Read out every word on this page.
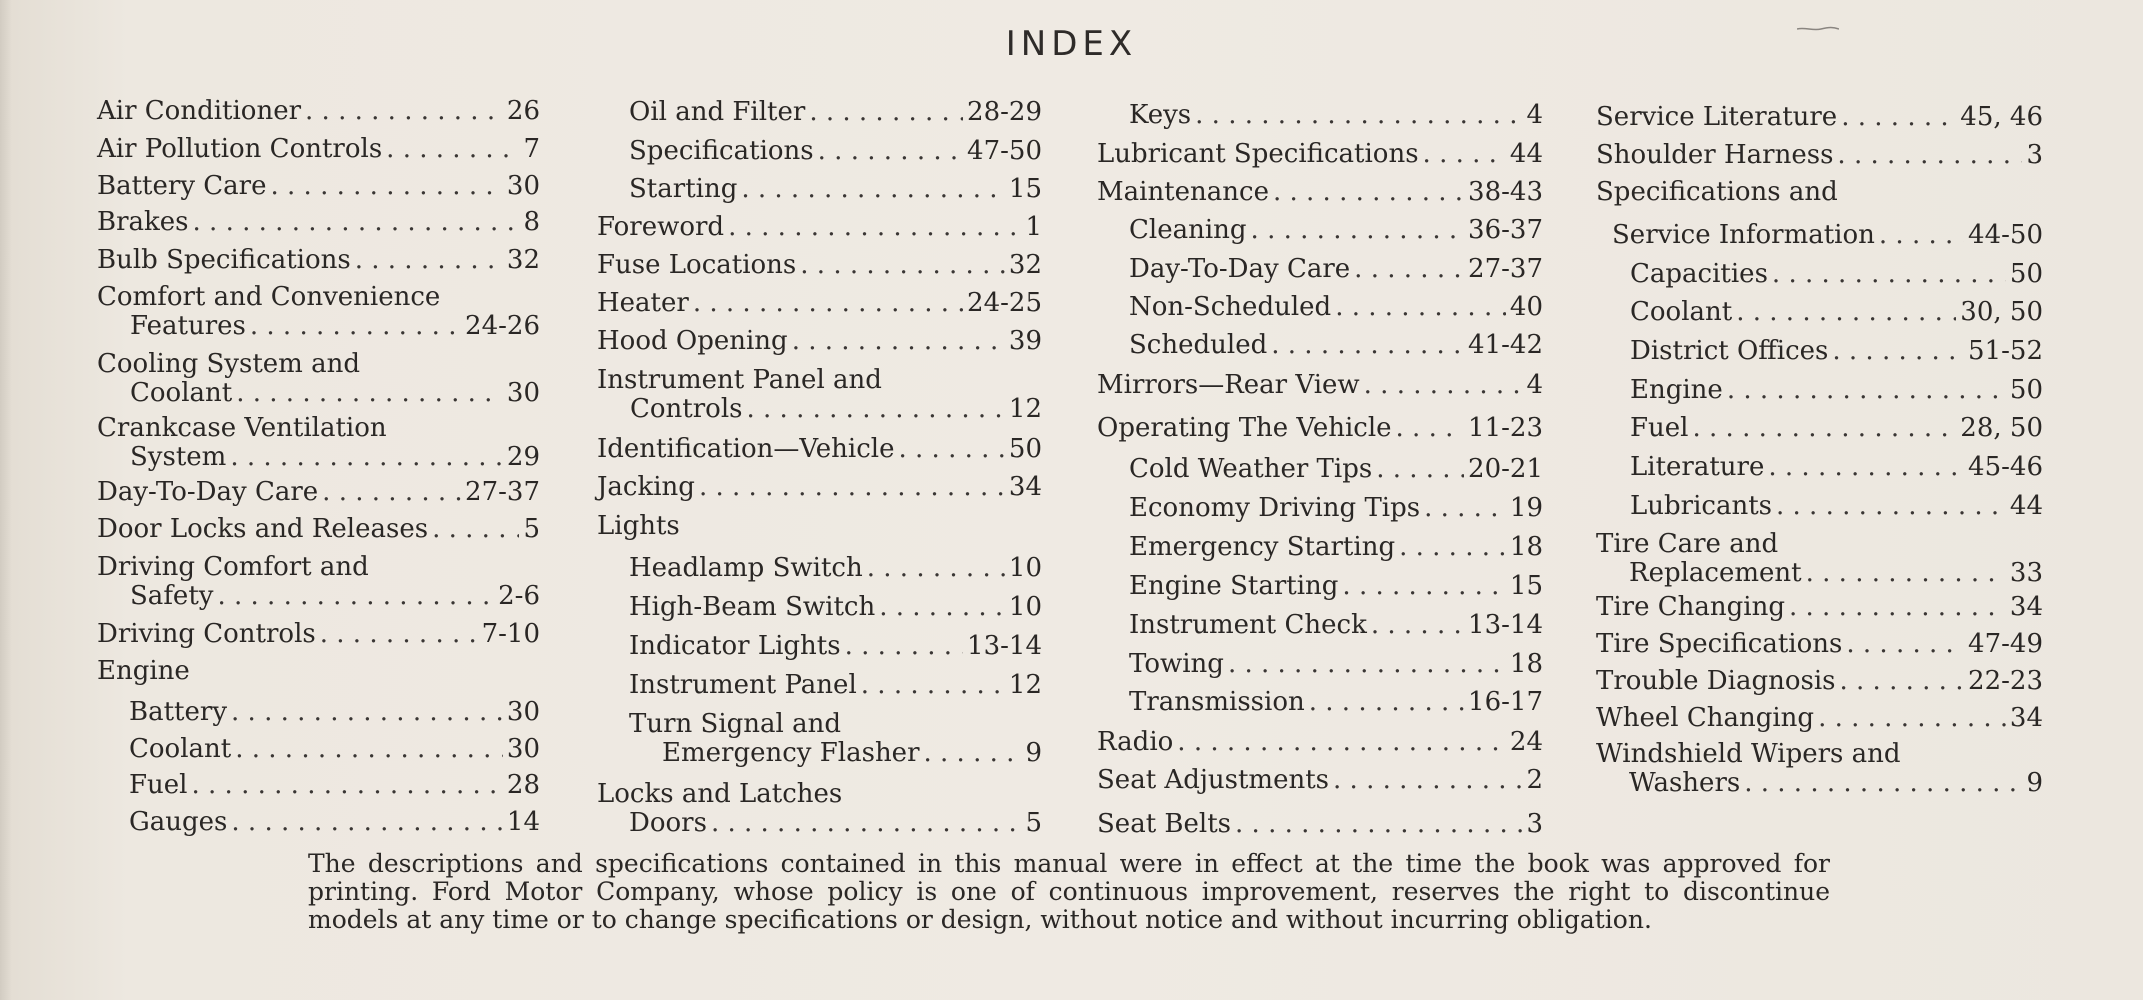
INDEX
Air Conditioner . . .	26
Air Pollution Controls . . .	7
Battery Care . . .	30
Brakes . . .	8
Bulb Specifications . . .	32
Comfort and Convenience
Features . . .	24-26
Cooling System and
Coolant . . .	30
Crankcase Ventilation
System . . .	29
Day-To-Day Care . . .	27-37
Door Locks and Releases . . .	5
Driving Comfort and
Safety . . .	2-6
Driving Controls . . .	7-10
Engine
Battery . . .	30
Coolant . . .	30
Fuel . . .	28
Gauges . . .	14
Oil and Filter . . .	28-29
Specifications . . .	47-50
Starting . . .	15
Foreword . . .	1
Fuse Locations . . .	32
Heater . . .	24-25
Hood Opening . . .	39
Instrument Panel and
Controls . . .	12
Identification—Vehicle . . .	50
Jacking . . .	34
Lights
Headlamp Switch . . .	10
High-Beam Switch . . .	10
Indicator Lights . . .	13-14
Instrument Panel . . .	12
Turn Signal and
Emergency Flasher . . .	9
Locks and Latches
Doors . . .	5
Keys . . .	4
Lubricant Specifications . . .	44
Maintenance . . .	38-43
Cleaning . . .	36-37
Day-To-Day Care . . .	27-37
Non-Scheduled . . .	40
Scheduled . . .	41-42
Mirrors—Rear View . . .	4
Operating The Vehicle . . .	11-23
Cold Weather Tips . . .	20-21
Economy Driving Tips . . .	19
Emergency Starting . . .	18
Engine Starting . . .	15
Instrument Check . . .	13-14
Towing . . .	18
Transmission . . .	16-17
Radio . . .	24
Seat Adjustments . . .	2
Seat Belts . . .	3
Service Literature . . .	45, 46
Shoulder Harness . . .	3
Specifications and
Service Information . . .	44-50
Capacities . . .	50
Coolant . . .	30, 50
District Offices . . .	51-52
Engine . . .	50
Fuel . . .	28, 50
Literature . . .	45-46
Lubricants . . .	44
Tire Care and
Replacement . . .	33
Tire Changing . . .	34
Tire Specifications . . .	47-49
Trouble Diagnosis . . .	22-23
Wheel Changing . . .	34
Windshield Wipers and
Washers . . .	9
The descriptions and specifications contained in this manual were in effect at the time the book was approved for printing. Ford Motor Company, whose policy is one of continuous improvement, reserves the right to discontinue models at any time or to change specifications or design, without notice and without incurring obligation.
